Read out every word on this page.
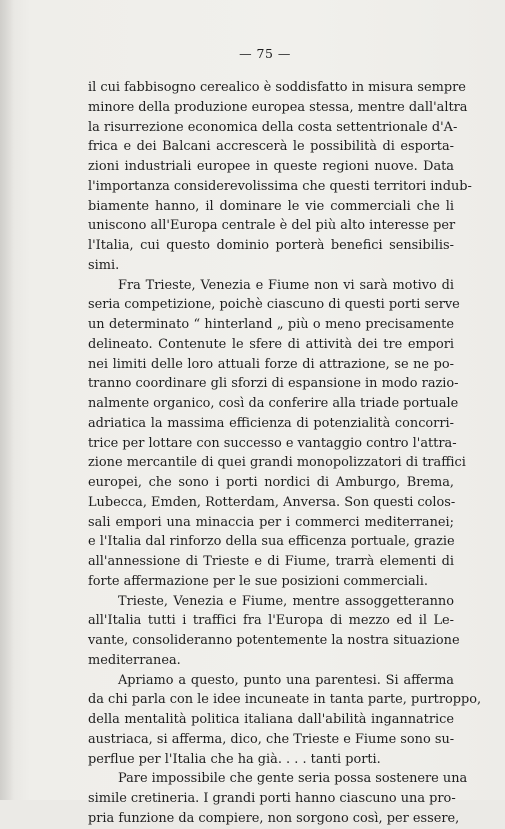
— 75 —
il cui fabbisogno cerealico è soddisfatto in misura sempre
minore della produzione europea stessa, mentre dall'altra
la risurrezione economica della costa settentrionale d'A-
frica e dei Balcani accrescerà le possibilità di esporta-
zioni industriali europee in queste regioni nuove. Data
l'importanza considerevolissima che questi territori indub-
biamente hanno, il dominare le vie commerciali che li
uniscono all'Europa centrale è del più alto interesse per
l'Italia, cui questo dominio porterà benefici sensibilis-
simi.
Fra Trieste, Venezia e Fiume non vi sarà motivo di
seria competizione, poichè ciascuno di questi porti serve
un determinato “ hinterland „ più o meno precisamente
delineato. Contenute le sfere di attività dei tre empori
nei limiti delle loro attuali forze di attrazione, se ne po-
tranno coordinare gli sforzi di espansione in modo razio-
nalmente organico, così da conferire alla triade portuale
adriatica la massima efficienza di potenzialità concorri-
trice per lottare con successo e vantaggio contro l'attra-
zione mercantile di quei grandi monopolizzatori di traffici
europei, che sono i porti nordici di Amburgo, Brema,
Lubecca, Emden, Rotterdam, Anversa. Son questi colos-
sali empori una minaccia per i commerci mediterranei;
e l'Italia dal rinforzo della sua efficenza portuale, grazie
all'annessione di Trieste e di Fiume, trarrà elementi di
forte affermazione per le sue posizioni commerciali.
Trieste, Venezia e Fiume, mentre assoggetteranno
all'Italia tutti i traffici fra l'Europa di mezzo ed il Le-
vante, consolideranno potentemente la nostra situazione
mediterranea.
Apriamo a questo, punto una parentesi. Si afferma
da chi parla con le idee incuneate in tanta parte, purtroppo,
della mentalità politica italiana dall'abilità ingannatrice
austriaca, si afferma, dico, che Trieste e Fiume sono su-
perflue per l'Italia che ha già. . . . tanti porti.
Pare impossibile che gente seria possa sostenere una
simile cretineria. I grandi porti hanno ciascuno una pro-
pria funzione da compiere, non sorgono così, per essere,
